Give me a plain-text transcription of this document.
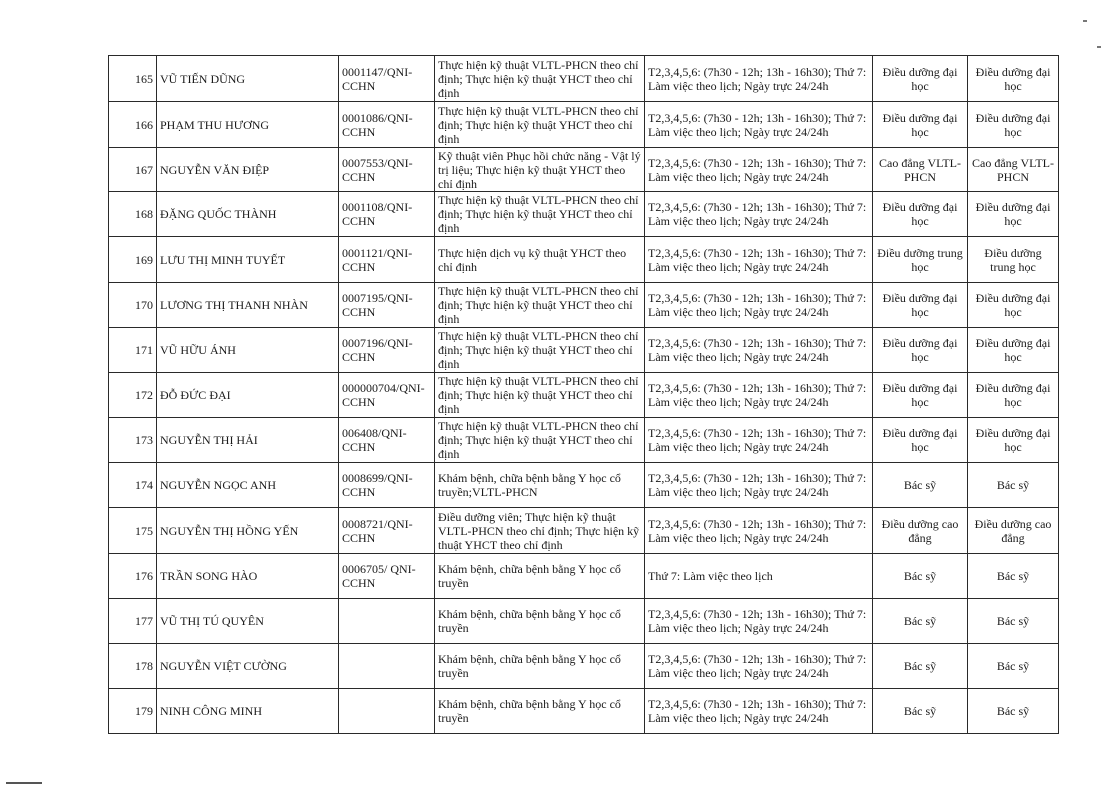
165	VŨ TIẾN DŨNG	0001147/QNI-CCHN	Thực hiện kỹ thuật VLTL-PHCN theo chỉ định; Thực hiện kỹ thuật YHCT theo chỉ định	T2,3,4,5,6: (7h30 - 12h; 13h - 16h30); Thứ 7: Làm việc theo lịch; Ngày trực 24/24h	Điều dưỡng đại học	Điều dưỡng đại học
166	PHẠM THU HƯƠNG	0001086/QNI-CCHN	Thực hiện kỹ thuật VLTL-PHCN theo chỉ định; Thực hiện kỹ thuật YHCT theo chỉ định	T2,3,4,5,6: (7h30 - 12h; 13h - 16h30); Thứ 7: Làm việc theo lịch; Ngày trực 24/24h	Điều dưỡng đại học	Điều dưỡng đại học
167	NGUYỄN VĂN ĐIỆP	0007553/QNI-CCHN	Kỹ thuật viên Phục hồi chức năng - Vật lý trị liệu; Thực hiện kỹ thuật YHCT theo chỉ định	T2,3,4,5,6: (7h30 - 12h; 13h - 16h30); Thứ 7: Làm việc theo lịch; Ngày trực 24/24h	Cao đẳng VLTL-PHCN	Cao đẳng VLTL-PHCN
168	ĐẶNG QUỐC THÀNH	0001108/QNI-CCHN	Thực hiện kỹ thuật VLTL-PHCN theo chỉ định; Thực hiện kỹ thuật YHCT theo chỉ định	T2,3,4,5,6: (7h30 - 12h; 13h - 16h30); Thứ 7: Làm việc theo lịch; Ngày trực 24/24h	Điều dưỡng đại học	Điều dưỡng đại học
169	LƯU THỊ MINH TUYẾT	0001121/QNI-CCHN	Thực hiện dịch vụ kỹ thuật YHCT theo chỉ định	T2,3,4,5,6: (7h30 - 12h; 13h - 16h30); Thứ 7: Làm việc theo lịch; Ngày trực 24/24h	Điều dưỡng trung học	Điều dưỡng trung học
170	LƯƠNG THỊ THANH NHÀN	0007195/QNI-CCHN	Thực hiện kỹ thuật VLTL-PHCN theo chỉ định; Thực hiện kỹ thuật YHCT theo chỉ định	T2,3,4,5,6: (7h30 - 12h; 13h - 16h30); Thứ 7: Làm việc theo lịch; Ngày trực 24/24h	Điều dưỡng đại học	Điều dưỡng đại học
171	VŨ HỮU ÁNH	0007196/QNI-CCHN	Thực hiện kỹ thuật VLTL-PHCN theo chỉ định; Thực hiện kỹ thuật YHCT theo chỉ định	T2,3,4,5,6: (7h30 - 12h; 13h - 16h30); Thứ 7: Làm việc theo lịch; Ngày trực 24/24h	Điều dưỡng đại học	Điều dưỡng đại học
172	ĐỖ ĐỨC ĐẠI	000000704/QNI-CCHN	Thực hiện kỹ thuật VLTL-PHCN theo chỉ định; Thực hiện kỹ thuật YHCT theo chỉ định	T2,3,4,5,6: (7h30 - 12h; 13h - 16h30); Thứ 7: Làm việc theo lịch; Ngày trực 24/24h	Điều dưỡng đại học	Điều dưỡng đại học
173	NGUYỄN THỊ HẢI	006408/QNI-CCHN	Thực hiện kỹ thuật VLTL-PHCN theo chỉ định; Thực hiện kỹ thuật YHCT theo chỉ định	T2,3,4,5,6: (7h30 - 12h; 13h - 16h30); Thứ 7: Làm việc theo lịch; Ngày trực 24/24h	Điều dưỡng đại học	Điều dưỡng đại học
174	NGUYỄN NGỌC ANH	0008699/QNI-CCHN	Khám bệnh, chữa bệnh bằng Y học cổ truyền;VLTL-PHCN	T2,3,4,5,6: (7h30 - 12h; 13h - 16h30); Thứ 7: Làm việc theo lịch; Ngày trực 24/24h	Bác sỹ	Bác sỹ
175	NGUYỄN THỊ HỒNG YẾN	0008721/QNI-CCHN	Điều dưỡng viên; Thực hiện kỹ thuật VLTL-PHCN theo chỉ định; Thực hiện kỹ thuật YHCT theo chỉ định	T2,3,4,5,6: (7h30 - 12h; 13h - 16h30); Thứ 7: Làm việc theo lịch; Ngày trực 24/24h	Điều dưỡng cao đẳng	Điều dưỡng cao đẳng
176	TRẦN SONG HÀO	0006705/ QNI-CCHN	Khám bệnh, chữa bệnh bằng Y học cổ truyền	Thứ 7: Làm việc theo lịch	Bác sỹ	Bác sỹ
177	VŨ THỊ TÚ QUYÊN		Khám bệnh, chữa bệnh bằng Y học cổ truyền	T2,3,4,5,6: (7h30 - 12h; 13h - 16h30); Thứ 7: Làm việc theo lịch; Ngày trực 24/24h	Bác sỹ	Bác sỹ
178	NGUYỄN VIỆT CƯỜNG		Khám bệnh, chữa bệnh bằng Y học cổ truyền	T2,3,4,5,6: (7h30 - 12h; 13h - 16h30); Thứ 7: Làm việc theo lịch; Ngày trực 24/24h	Bác sỹ	Bác sỹ
179	NINH CÔNG MINH		Khám bệnh, chữa bệnh bằng Y học cổ truyền	T2,3,4,5,6: (7h30 - 12h; 13h - 16h30); Thứ 7: Làm việc theo lịch; Ngày trực 24/24h	Bác sỹ	Bác sỹ
